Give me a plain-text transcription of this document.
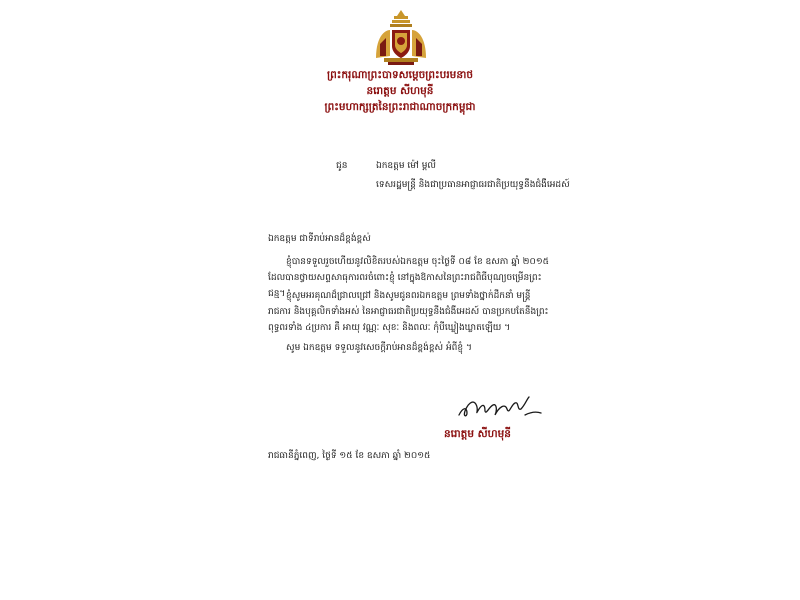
ព្រះករុណាព្រះបាទសម្ដេចព្រះបរមនាថ
នរោត្តម សីហមុនី
ព្រះមហាក្សត្រនៃព្រះរាជាណាចក្រកម្ពុជា
ជូន	ឯកឧត្ដម ម៉ៅ ម្ដលី
ទេសរដ្ឋមន្ត្រី និងជាប្រធានអាជ្ញាធរជាតិប្រយុទ្ធនឹងជំងឺអេដស៍
ឯកឧត្ដម ជាទីរាប់អានដ៏ខ្ពង់ខ្ពស់
ខ្ញុំបានទទួលរួចហើយនូវលិខិតរបស់ឯកឧត្ដម ចុះថ្ងៃទី ០៨ ខែ ឧសភា ឆ្នាំ ២០១៥ ដែលបានថ្វាយសព្ទសាធុការពរចំពោះខ្ញុំ នៅក្នុងឱកាសនៃព្រះរាជពិធីបុណ្យចម្រើនព្រះជន្ម។ ខ្ញុំសូមអរគុណដ៏ជ្រាលជ្រៅ និងសូមជូនពរឯកឧត្ដម ព្រមទាំងថ្នាក់ដឹកនាំ មន្ត្រីរាជការ និងបុគ្គលិកទាំងអស់ នៃអាជ្ញាធរជាតិប្រយុទ្ធនឹងជំងឺអេដស៍ បានប្រកបតែនឹងព្រះពុទ្ធពរទាំង ៤ប្រការ គឺ អាយុ វណ្ណៈ សុខៈ និងពលៈ កុំបីឃ្លៀងឃ្លាតឡើយ ។
សូម ឯកឧត្ដម ទទួលនូវសេចក្ដីរាប់អានដ៏ខ្ពង់ខ្ពស់ អំពីខ្ញុំ ។
នរោត្តម សីហមុនី
រាជធានីភ្នំពេញ, ថ្ងៃទី ១៥ ខែ ឧសភា ឆ្នាំ ២០១៥
